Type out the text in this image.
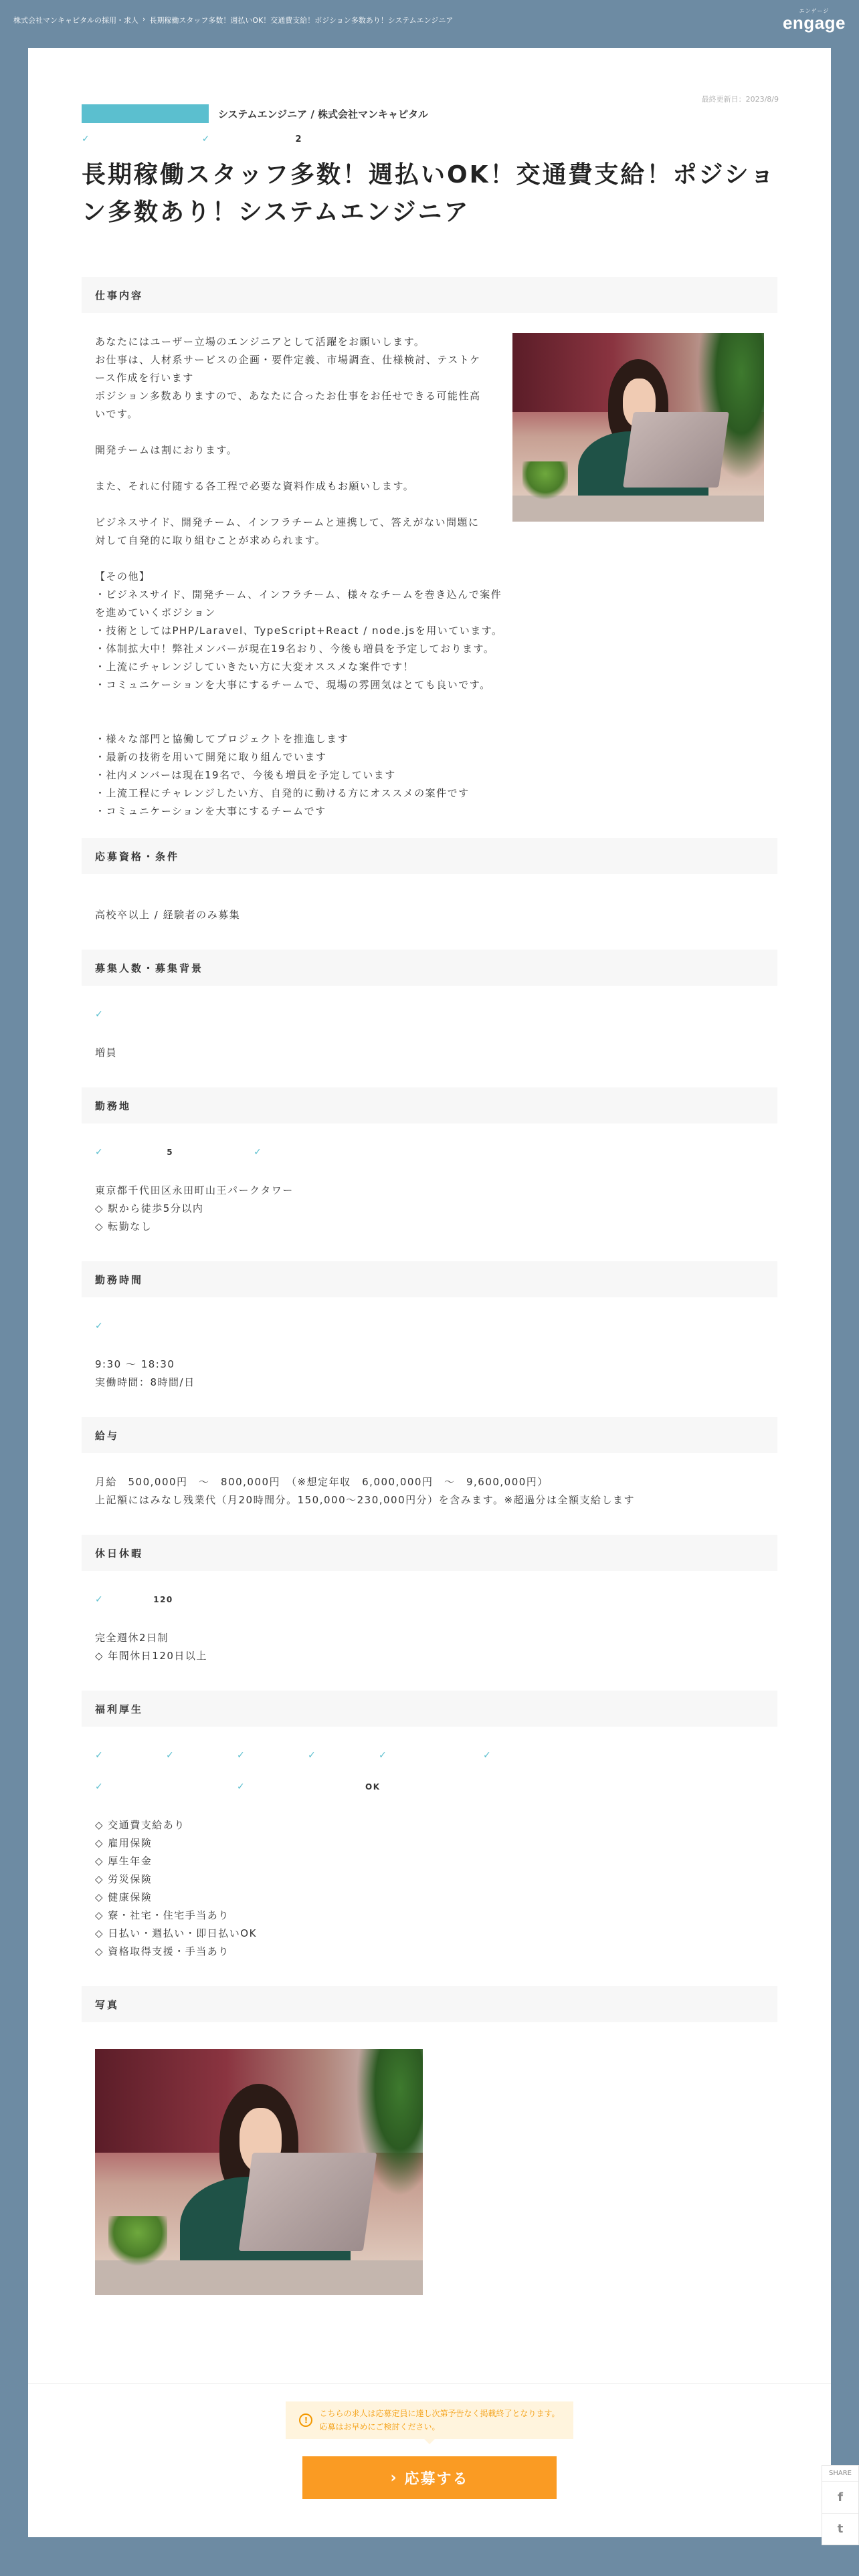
株式会社マンキャピタルの採用・求人 › 長期稼働スタッフ多数！週払いOK！交通費支給！ポジション多数あり！システムエンジニア
エンゲージ
engage
最終更新日：2023/8/9
システムエンジニア / 株式会社マンキャピタル
✓	✓	2
長期稼働スタッフ多数！週払いOK！交通費支給！ポジション多数あり！システムエンジニア
仕事内容
あなたにはユーザー立場のエンジニアとして活躍をお願いします。
お仕事は、人材系サービスの企画・要件定義、市場調査、仕様検討、テストケ
ース作成を行います
ポジション多数ありますので、あなたに合ったお仕事をお任せできる可能性高
いです。
開発チームは割におります。
また、それに付随する各工程で必要な資料作成もお願いします。
ビジネスサイド、開発チーム、インフラチームと連携して、答えがない問題に
対して自発的に取り組むことが求められます。
【その他】
・ビジネスサイド、開発チーム、インフラチーム、様々なチームを巻き込んで案件を進めていくポジション
・技術としてはPHP/Laravel、TypeScript+React / node.jsを用いています。
・体制拡大中！弊社メンバーが現在19名おり、今後も増員を予定しております。
・上流にチャレンジしていきたい方に大変オススメな案件です！
・コミュニケーションを大事にするチームで、現場の雰囲気はとても良いです。
・様々な部門と協働してプロジェクトを推進します
・最新の技術を用いて開発に取り組んでいます
・社内メンバーは現在19名で、今後も増員を予定しています
・上流工程にチャレンジしたい方、自発的に動ける方にオススメの案件です
・コミュニケーションを大事にするチームです
応募資格・条件
高校卒以上 / 経験者のみ募集
募集人数・募集背景
✓
増員
勤務地
✓	5	✓
東京都千代田区永田町山王パークタワー
◇ 駅から徒歩5分以内
◇ 転勤なし
勤務時間
✓
9:30 〜 18:30
実働時間：8時間/日
給与
月給　500,000円　〜　800,000円　（※想定年収　6,000,000円　〜　9,600,000円）
上記額にはみなし残業代（月20時間分。150,000〜230,000円分）を含みます。※超過分は全額支給します
休日休暇
✓	120
完全週休2日制
◇ 年間休日120日以上
福利厚生
✓	✓	✓	✓	✓	✓
✓	✓	OK
◇ 交通費支給あり
◇ 雇用保険
◇ 厚生年金
◇ 労災保険
◇ 健康保険
◇ 寮・社宅・住宅手当あり
◇ 日払い・週払い・即日払いOK
◇ 資格取得支援・手当あり
写真
!
こちらの求人は応募定員に達し次第予告なく掲載終了となります。
応募はお早めにご検討ください。
› 応募する	SHARE
f
t
